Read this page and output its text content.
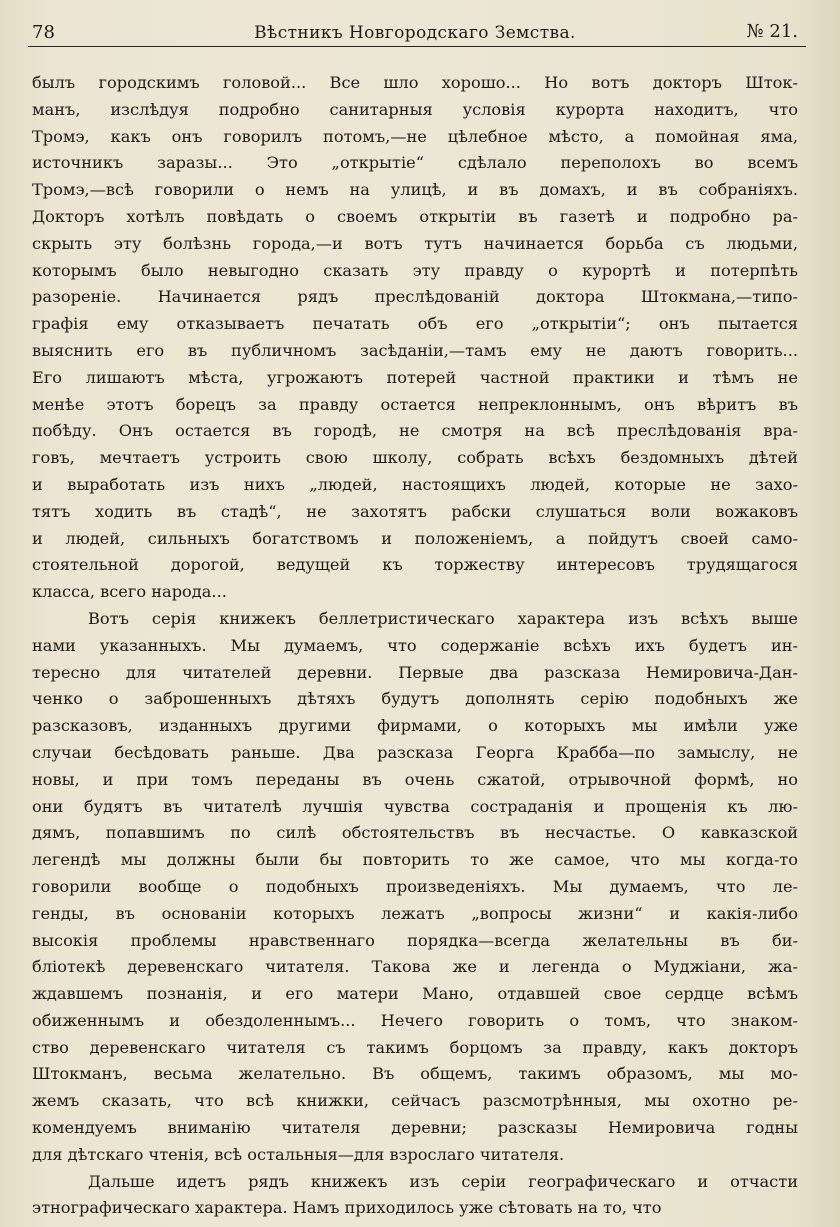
78	Вѣстникъ Новгородскаго Земства.	№ 21.
былъ городскимъ головой... Все шло хорошо... Но вотъ докторъ Шток-
манъ, изслѣдуя подробно санитарныя условія курорта находитъ, что
Тромэ, какъ онъ говорилъ потомъ,—не цѣлебное мѣсто, а помойная яма,
источникъ заразы... Это „открытіе“ сдѣлало переполохъ во всемъ
Тромэ,—всѣ говорили о немъ на улицѣ, и въ домахъ, и въ собраніяхъ.
Докторъ хотѣлъ повѣдать о своемъ открытіи въ газетѣ и подробно ра-
скрыть эту болѣзнь города,—и вотъ тутъ начинается борьба съ людьми,
которымъ было невыгодно сказать эту правду о курортѣ и потерпѣть
разореніе. Начинается рядъ преслѣдованій доктора Штокмана,—типо-
графія ему отказываетъ печатать объ его „открытіи“; онъ пытается
выяснить его въ публичномъ засѣданіи,—тамъ ему не даютъ говорить...
Его лишаютъ мѣста, угрожаютъ потерей частной практики и тѣмъ не
менѣе этотъ борецъ за правду остается непреклоннымъ, онъ вѣритъ въ
побѣду. Онъ остается въ городѣ, не смотря на всѣ преслѣдованія вра-
говъ, мечтаетъ устроить свою школу, собрать всѣхъ бездомныхъ дѣтей
и выработать изъ нихъ „людей, настоящихъ людей, которые не захо-
тятъ ходить въ стадѣ“, не захотятъ рабски слушаться воли вожаковъ
и людей, сильныхъ богатствомъ и положеніемъ, а пойдутъ своей само-
стоятельной дорогой, ведущей къ торжеству интересовъ трудящагося
класса, всего народа...
Вотъ серія книжекъ беллетристическаго характера изъ всѣхъ выше
нами указанныхъ. Мы думаемъ, что содержаніе всѣхъ ихъ будетъ ин-
тересно для читателей деревни. Первые два разсказа Немировича-Дан-
ченко о заброшенныхъ дѣтяхъ будутъ дополнять серію подобныхъ же
разсказовъ, изданныхъ другими фирмами, о которыхъ мы имѣли уже
случаи бесѣдовать раньше. Два разсказа Георга Краббa—по замыслу, не
новы, и при томъ переданы въ очень сжатой, отрывочной формѣ, но
они будятъ въ читателѣ лучшія чувства состраданія и прощенія къ лю-
дямъ, попавшимъ по силѣ обстоятельствъ въ несчастье. О кавказской
легендѣ мы должны были бы повторить то же самое, что мы когда-то
говорили вообще о подобныхъ произведеніяхъ. Мы думаемъ, что ле-
генды, въ основаніи которыхъ лежатъ „вопросы жизни“ и какія-либо
высокія проблемы нравственнаго порядка—всегда желательны въ би-
бліотекѣ деревенскаго читателя. Такова же и легенда о Муджіани, жа-
ждавшемъ познанія, и его матери Мано, отдавшей свое сердце всѣмъ
обиженнымъ и обездоленнымъ... Нечего говорить о томъ, что знаком-
ство деревенскаго читателя съ такимъ борцомъ за правду, какъ докторъ
Штокманъ, весьма желательно. Въ общемъ, такимъ образомъ, мы мо-
жемъ сказать, что всѣ книжки, сейчасъ разсмотрѣнныя, мы охотно ре-
комендуемъ вниманію читателя деревни; разсказы Немировича годны
для дѣтскаго чтенія, всѣ остальныя—для взрослаго читателя.
Дальше идетъ рядъ книжекъ изъ серіи географическаго и отчасти
этнографическаго характера. Намъ приходилось уже сѣтовать на то, что
